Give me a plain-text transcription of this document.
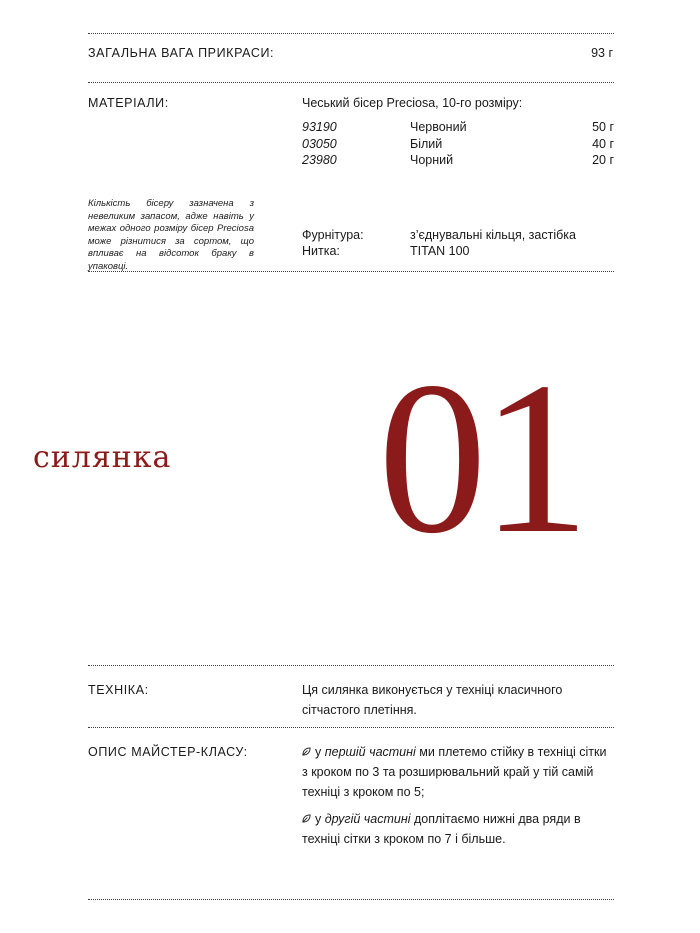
ЗАГАЛЬНА ВАГА ПРИКРАСИ:	93 г
МАТЕРІАЛИ:	Чеський бісер Preciosa, 10-го розміру:
93190	Червоний	50 г
03050	Білий	40 г
23980	Чорний	20 г
Кількість бісеру зазначена з невеликим запасом, адже навіть у межах одного розміру бісер Preciosa може різнитися за сортом, що впливає на відсоток браку в упаковці.
Фурнітура:	з’єднувальні кільця, застібка
Нитка:	TITAN 100
силянка 01
ТЕХНІКА:	Ця силянка виконується у техніці класичного сітчастого плетіння.
ОПИС МАЙСТЕР-КЛАСУ:	у першій частині ми плетемо стійку в техніці сітки з кроком по 3 та розширювальний край у тій самій техніці з кроком по 5;
у другій частині доплітаємо нижні два ряди в техніці сітки з кроком по 7 і більше.
